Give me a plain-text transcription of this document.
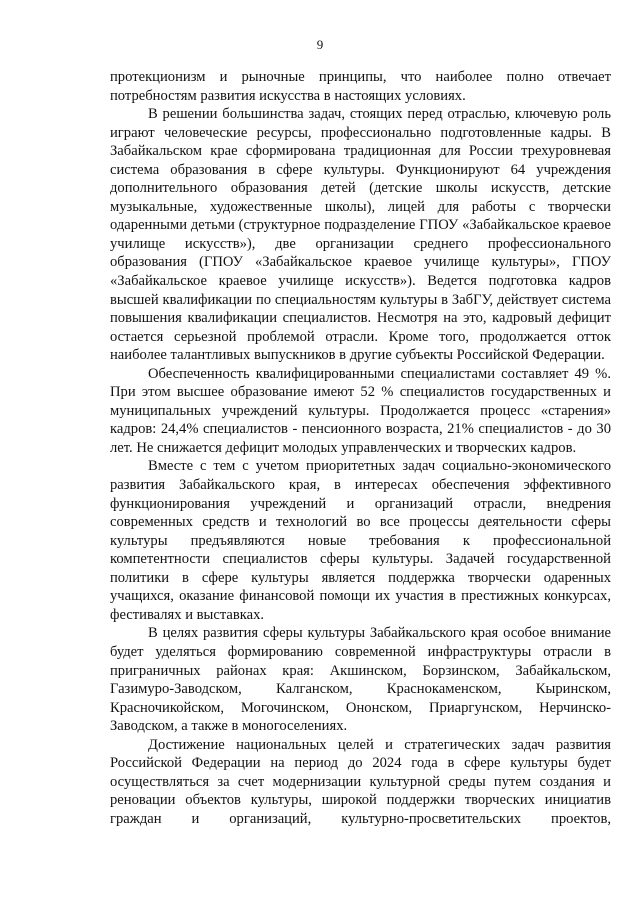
9

протекционизм и рыночные принципы, что наиболее полно отвечает потребностям развития искусства в настоящих условиях.

В решении большинства задач, стоящих перед отраслью, ключевую роль играют человеческие ресурсы, профессионально подготовленные кадры. В Забайкальском крае сформирована традиционная для России трехуровневая система образования в сфере культуры. Функционируют 64 учреждения дополнительного образования детей (детские школы искусств, детские музыкальные, художественные школы), лицей для работы с творчески одаренными детьми (структурное подразделение ГПОУ «Забайкальское краевое училище искусств»), две организации среднего профессионального образования (ГПОУ «Забайкальское краевое училище культуры», ГПОУ «Забайкальское краевое училище искусств»). Ведется подготовка кадров высшей квалификации по специальностям культуры в ЗабГУ, действует система повышения квалификации специалистов. Несмотря на это, кадровый дефицит остается серьезной проблемой отрасли. Кроме того, продолжается отток наиболее талантливых выпускников в другие субъекты Российской Федерации.

Обеспеченность квалифицированными специалистами составляет 49 %. При этом высшее образование имеют 52 % специалистов государственных и муниципальных учреждений культуры. Продолжается процесс «старения» кадров: 24,4% специалистов - пенсионного возраста, 21% специалистов - до 30 лет. Не снижается дефицит молодых управленческих и творческих кадров.

Вместе с тем с учетом приоритетных задач социально-экономического развития Забайкальского края, в интересах обеспечения эффективного функционирования учреждений и организаций отрасли, внедрения современных средств и технологий во все процессы деятельности сферы культуры предъявляются новые требования к профессиональной компетентности специалистов сферы культуры. Задачей государственной политики в сфере культуры является поддержка творчески одаренных учащихся, оказание финансовой помощи их участия в престижных конкурсах, фестивалях и выставках.

В целях развития сферы культуры Забайкальского края особое внимание будет уделяться формированию современной инфраструктуры отрасли в приграничных районах края: Акшинском, Борзинском, Забайкальском, Газимуро-Заводском, Калганском, Краснокаменском, Кыринском, Красночикойском, Могочинском, Ононском, Приаргунском, Нерчинско-Заводском, а также в моногоселениях.

Достижение национальных целей и стратегических задач развития Российской Федерации на период до 2024 года в сфере культуры будет осуществляться за счет модернизации культурной среды путем создания и реновации объектов культуры, широкой поддержки творческих инициатив граждан и организаций, культурно-просветительских проектов,
